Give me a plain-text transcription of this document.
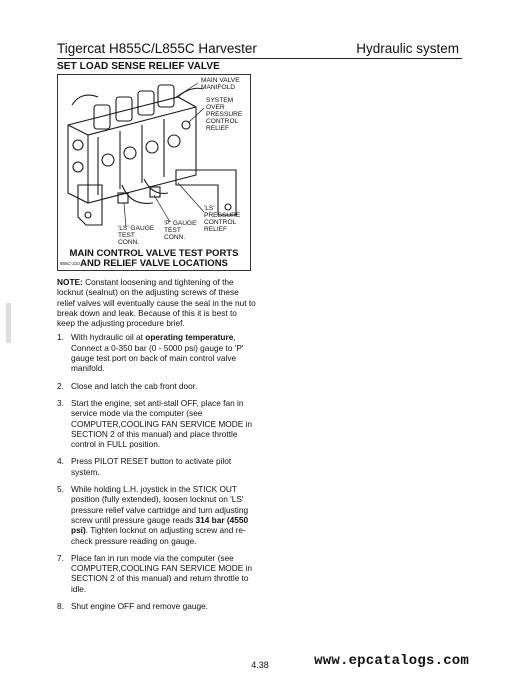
Tigercat H855C/L855C Harvester	Hydraulic system
SET LOAD SENSE RELIEF VALVE
MAIN VALVE
MANIFOLD
SYSTEM
OVER
PRESSURE
CONTROL
RELIEF
'LS' PRESSURE
CONTROL
RELIEF
'P' GAUGE
TEST
CONN.
'LS' GAUGE
TEST
CONN.
MAIN CONTROL VALVE TEST PORTS
AND RELIEF VALVE LOCATIONS
855C-210

NOTE: Constant loosening and tightening of the locknut (sealnut) on the adjusting screws of these relief valves will eventually cause the seal in the nut to break down and leak. Because of this it is best to keep the adjusting procedure brief.

1. With hydraulic oil at operating temperature, Connect a 0-350 bar (0 - 5000 psi) gauge to 'P' gauge test port on back of main control valve manifold.
2. Close and latch the cab front door.
3. Start the engine, set anti-stall OFF, place fan in service mode via the computer (see COMPUTER,COOLING FAN SERVICE MODE in SECTION 2 of this manual) and place throttle control in FULL position.
4. Press PILOT RESET button to activate pilot system.
5. While holding L.H. joystick in the STICK OUT position (fully extended), loosen locknut on 'LS' pressure relief valve cartridge and turn adjusting screw until pressure gauge reads 314 bar (4550 psi). Tighten locknut on adjusting screw and re-check pressure reading on gauge.
7. Place fan in run mode via the computer (see COMPUTER,COOLING FAN SERVICE MODE in SECTION 2 of this manual) and return throttle to idle.
8. Shut engine OFF and remove gauge.
4.38	www.epcatalogs.com
